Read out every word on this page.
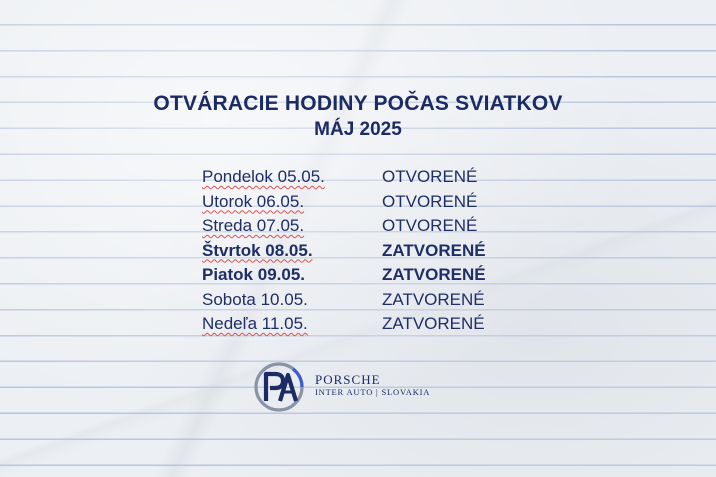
OTVÁRACIE HODINY POČAS SVIATKOV
MÁJ 2025
Pondelok 05.05.	OTVORENÉ
Utorok 06.05.	OTVORENÉ
Streda 07.05.	OTVORENÉ
Štvrtok 08.05.	ZATVORENÉ
Piatok 09.05.	ZATVORENÉ
Sobota 10.05.	ZATVORENÉ
Nedeľa 11.05.	ZATVORENÉ
PORSCHE
INTER AUTO | SLOVAKIA
